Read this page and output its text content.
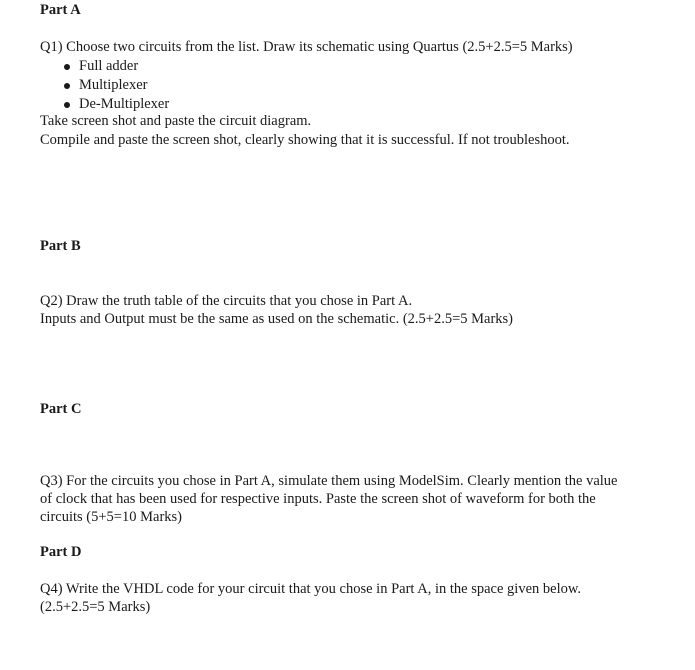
Part A
Q1) Choose two circuits from the list. Draw its schematic using Quartus (2.5+2.5=5 Marks)
Full adder
Multiplexer
De-Multiplexer
Take screen shot and paste the circuit diagram.
Compile and paste the screen shot, clearly showing that it is successful. If not troubleshoot.
Part B
Q2) Draw the truth table of the circuits that you chose in Part A.
Inputs and Output must be the same as used on the schematic. (2.5+2.5=5 Marks)
Part C
Q3) For the circuits you chose in Part A, simulate them using ModelSim. Clearly mention the value
of clock that has been used for respective inputs. Paste the screen shot of waveform for both the
circuits (5+5=10 Marks)
Part D
Q4) Write the VHDL code for your circuit that you chose in Part A, in the space given below.
(2.5+2.5=5 Marks)
